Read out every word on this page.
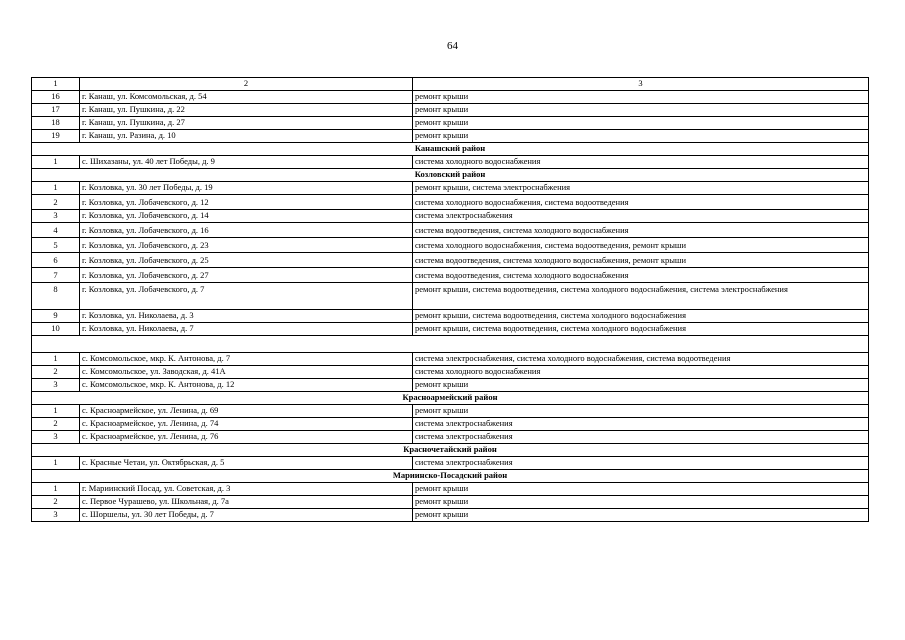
64
1	2	3
16	г. Канаш, ул. Комсомольская, д. 54	ремонт крыши
17	г. Канаш, ул. Пушкина, д. 22	ремонт крыши
18	г. Канаш, ул. Пушкина, д. 27	ремонт крыши
19	г. Канаш, ул. Разина, д. 10	ремонт крыши
Канашский район		
1	с. Шихазаны, ул. 40 лет Победы, д. 9	система холодного водоснабжения
Козловский район		
1	г. Козловка, ул. 30 лет Победы, д. 19	ремонт крыши, система электроснабжения
2	г. Козловка, ул. Лобачевского, д. 12	система холодного водоснабжения, система водоотведения
3	г. Козловка, ул. Лобачевского, д. 14	система электроснабжения
4	г. Козловка, ул. Лобачевского, д. 16	система водоотведения, система холодного водоснабжения
5	г. Козловка, ул. Лобачевского, д. 23	система холодного водоснабжения, система водоотведения, ремонт крыши
6	г. Козловка, ул. Лобачевского, д. 25	система водоотведения, система холодного водоснабжения, ремонт крыши
7	г. Козловка, ул. Лобачевского, д. 27	система водоотведения, система холодного водоснабжения
8	г. Козловка, ул. Лобачевского, д. 7	ремонт крыши, система водоотведения, система холодного водоснабжения, система электроснабжения
9	г. Козловка, ул. Николаева, д. 3	ремонт крыши, система водоотведения, система холодного водоснабжения
10	г. Козловка, ул. Николаева, д. 7	ремонт крыши, система водоотведения, система холодного водоснабжения

1	с. Комсомольское, мкр. К. Антонова, д. 7	система электроснабжения, система холодного водоснабжения, система водоотведения
2	с. Комсомольское, ул. Заводская, д. 41А	система холодного водоснабжения
3	с. Комсомольское, мкр. К. Антонова, д. 12	ремонт крыши
Красноармейский район		
1	с. Красноармейское, ул. Ленина, д. 69	ремонт крыши
2	с. Красноармейское, ул. Ленина, д. 74	система электроснабжения
3	с. Красноармейское, ул. Ленина, д. 76	система электроснабжения
Красночетайский район		
1	с. Красные Четаи, ул. Октябрьская, д. 5	система электроснабжения
Мариинско-Посадский район		
1	г. Мариинский Посад, ул. Советская, д. 3	ремонт крыши
2	с. Первое Чурашево, ул. Школьная, д. 7а	ремонт крыши
3	с. Шоршелы, ул. 30 лет Победы, д. 7	ремонт крыши
